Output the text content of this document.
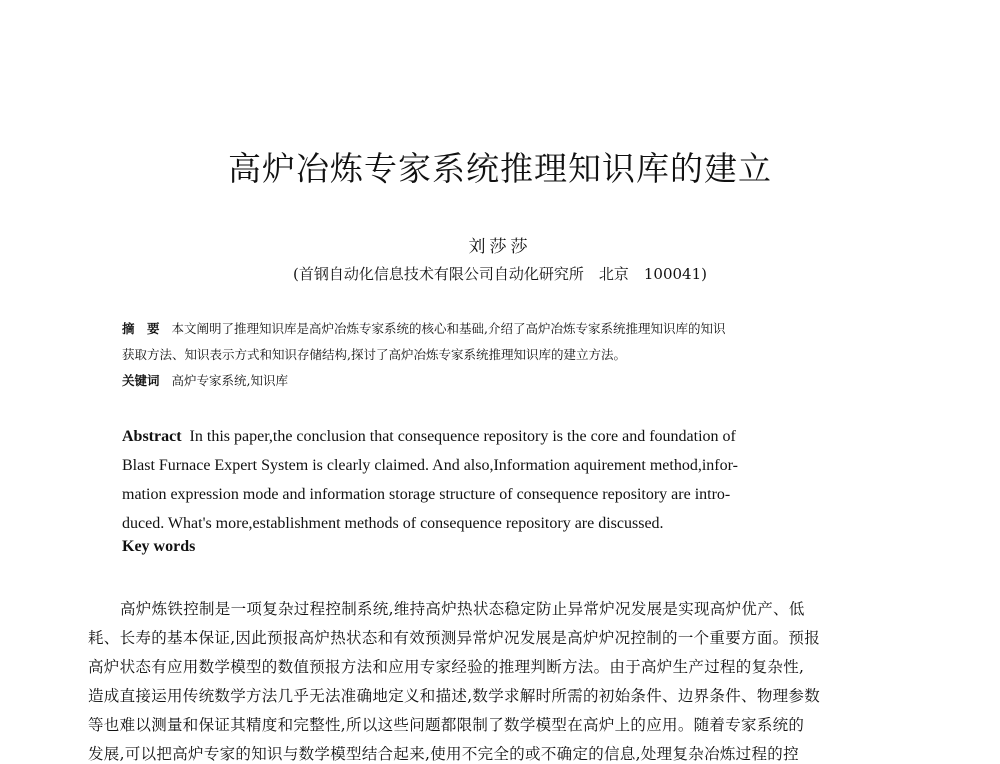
高炉冶炼专家系统推理知识库的建立
刘莎莎
(首钢自动化信息技术有限公司自动化研究所　北京　100041)
摘　要 本文阐明了推理知识库是高炉冶炼专家系统的核心和基础,介绍了高炉冶炼专家系统推理知识库的知识
获取方法、知识表示方式和知识存储结构,探讨了高炉冶炼专家系统推理知识库的建立方法。
关键词 高炉专家系统,知识库
Abstract In this paper,the conclusion that consequence repository is the core and foundation of
Blast Furnace Expert System is clearly claimed. And also,Information aquirement method,infor-
mation expression mode and information storage structure of consequence repository are intro-
duced. What's more,establishment methods of consequence repository are discussed.
Key words
高炉炼铁控制是一项复杂过程控制系统,维持高炉热状态稳定防止异常炉况发展是实现高炉优产、低
耗、长寿的基本保证,因此预报高炉热状态和有效预测异常炉况发展是高炉炉况控制的一个重要方面。预报
高炉状态有应用数学模型的数值预报方法和应用专家经验的推理判断方法。由于高炉生产过程的复杂性,
造成直接运用传统数学方法几乎无法准确地定义和描述,数学求解时所需的初始条件、边界条件、物理参数
等也难以测量和保证其精度和完整性,所以这些问题都限制了数学模型在高炉上的应用。随着专家系统的
发展,可以把高炉专家的知识与数学模型结合起来,使用不完全的或不确定的信息,处理复杂冶炼过程的控
